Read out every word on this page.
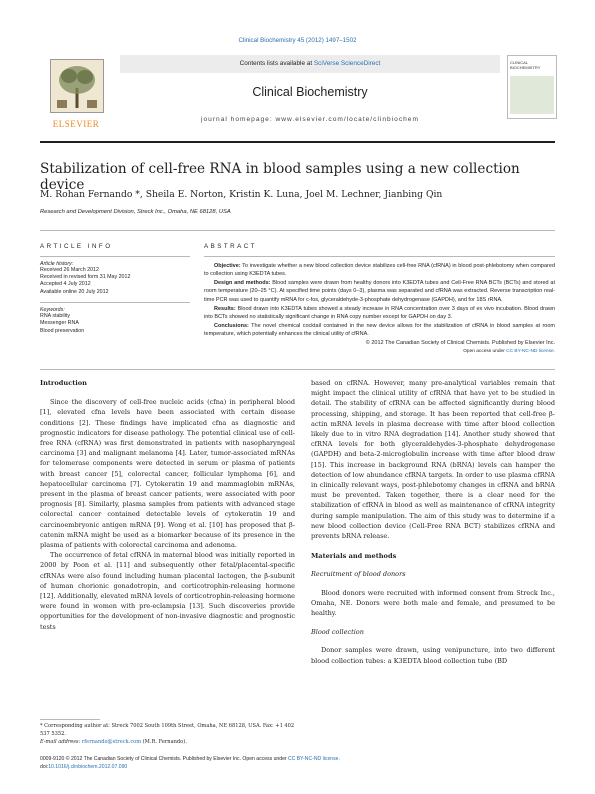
Clinical Biochemistry 45 (2012) 1497–1502
ELSEVIER
Contents lists available at SciVerse ScienceDirect
Clinical Biochemistry
journal homepage: www.elsevier.com/locate/clinbiochem
CLINICAL BIOCHEMISTRY
Stabilization of cell-free RNA in blood samples using a new collection device
M. Rohan Fernando *, Sheila E. Norton, Kristin K. Luna, Joel M. Lechner, Jianbing Qin
Research and Development Division, Streck Inc., Omaha, NE 68128, USA
ARTICLE INFO
Article history:
Received 26 March 2012
Received in revised form 31 May 2012
Accepted 4 July 2012
Available online 20 July 2012
Keywords:
RNA stability
Messenger RNA
Blood preservation
ABSTRACT
Objective: To investigate whether a new blood collection device stabilizes cell-free RNA (cfRNA) in blood post-phlebotomy when compared to collection using K3EDTA tubes.
Design and methods: Blood samples were drawn from healthy donors into K3EDTA tubes and Cell-Free RNA BCTs (BCTs) and stored at room temperature (20–25 °C). At specified time points (days 0–3), plasma was separated and cfRNA was extracted. Reverse transcription real-time PCR was used to quantify mRNA for c-fos, glyceraldehyde-3-phosphate dehydrogenase (GAPDH), and for 18S rRNA.
Results: Blood drawn into K3EDTA tubes showed a steady increase in RNA concentration over 3 days of ex vivo incubation. Blood drawn into BCTs showed no statistically significant change in RNA copy number except for GAPDH on day 3.
Conclusions: The novel chemical cocktail contained in the new device allows for the stabilization of cfRNA in blood samples at room temperature, which potentially enhances the clinical utility of cfRNA.
© 2012 The Canadian Society of Clinical Chemists. Published by Elsevier Inc.
Open access under CC BY-NC-ND license.
Introduction

Since the discovery of cell-free nucleic acids (cfna) in peripheral blood [1], elevated cfna levels have been associated with certain disease conditions [2]. These findings have implicated cfna as diagnostic and prognostic indicators for disease pathology. The potential clinical use of cell-free RNA (cfRNA) was first demonstrated in patients with nasopharyngeal carcinoma [3] and malignant melanoma [4]. Later, tumor-associated mRNAs for telomerase components were detected in serum or plasma of patients with breast cancer [5], colorectal cancer, follicular lymphoma [6], and hepatocellular carcinoma [7]. Cytokeratin 19 and mammaglobin mRNAs, present in the plasma of breast cancer patients, were associated with poor prognosis [8]. Similarly, plasma samples from patients with advanced stage colorectal cancer contained detectable levels of cytokeratin 19 and carcinoembryonic antigen mRNA [9]. Wong et al. [10] has proposed that β-catenin mRNA might be used as a biomarker because of its presence in the plasma of patients with colorectal carcinoma and adenoma.

The occurrence of fetal cfRNA in maternal blood was initially reported in 2000 by Poon et al. [11] and subsequently other fetal/placental-specific cfRNAs were also found including human placental lactogen, the β-subunit of human chorionic gonadotropin, and corticotrophin-releasing hormone [12]. Additionally, elevated mRNA levels of corticotrophin-releasing hormone were found in women with pre-eclampsia [13]. Such discoveries provide opportunities for the development of non-invasive diagnostic and prognostic tests

based on cfRNA. However, many pre-analytical variables remain that might impact the clinical utility of cfRNA that have yet to be studied in detail. The stability of cfRNA can be affected significantly during blood processing, shipping, and storage. It has been reported that cell-free β-actin mRNA levels in plasma decrease with time after blood collection likely due to in vitro RNA degradation [14]. Another study showed that cfRNA levels for both glyceraldehydes-3-phosphate dehydrogenase (GAPDH) and beta-2-microglobulin increase with time after blood draw [15]. This increase in background RNA (bRNA) levels can hamper the detection of low abundance cfRNA targets. In order to use plasma cfRNA in clinically relevant ways, post-phlebotomy changes in cfRNA and bRNA must be prevented. Taken together, there is a clear need for the stabilization of cfRNA in blood as well as maintenance of cfRNA integrity during sample manipulation. The aim of this study was to determine if a new blood collection device (Cell-Free RNA BCT) stabilizes cfRNA and prevents bRNA release.

Materials and methods
Recruitment of blood donors

Blood donors were recruited with informed consent from Streck Inc., Omaha, NE. Donors were both male and female, and presumed to be healthy.

Blood collection

Donor samples were drawn, using venipuncture, into two different blood collection tubes: a K3EDTA blood collection tube (BD

* Corresponding author at: Streck 7002 South 109th Street, Omaha, NE 68128, USA. Fax: +1 402 537 5352.
E-mail address: rfernando@streck.com (M.R. Fernando).
0009-9120 © 2012 The Canadian Society of Clinical Chemists. Published by Elsevier Inc. Open access under CC BY-NC-ND license.
doi:10.1016/j.clinbiochem.2012.07.090
